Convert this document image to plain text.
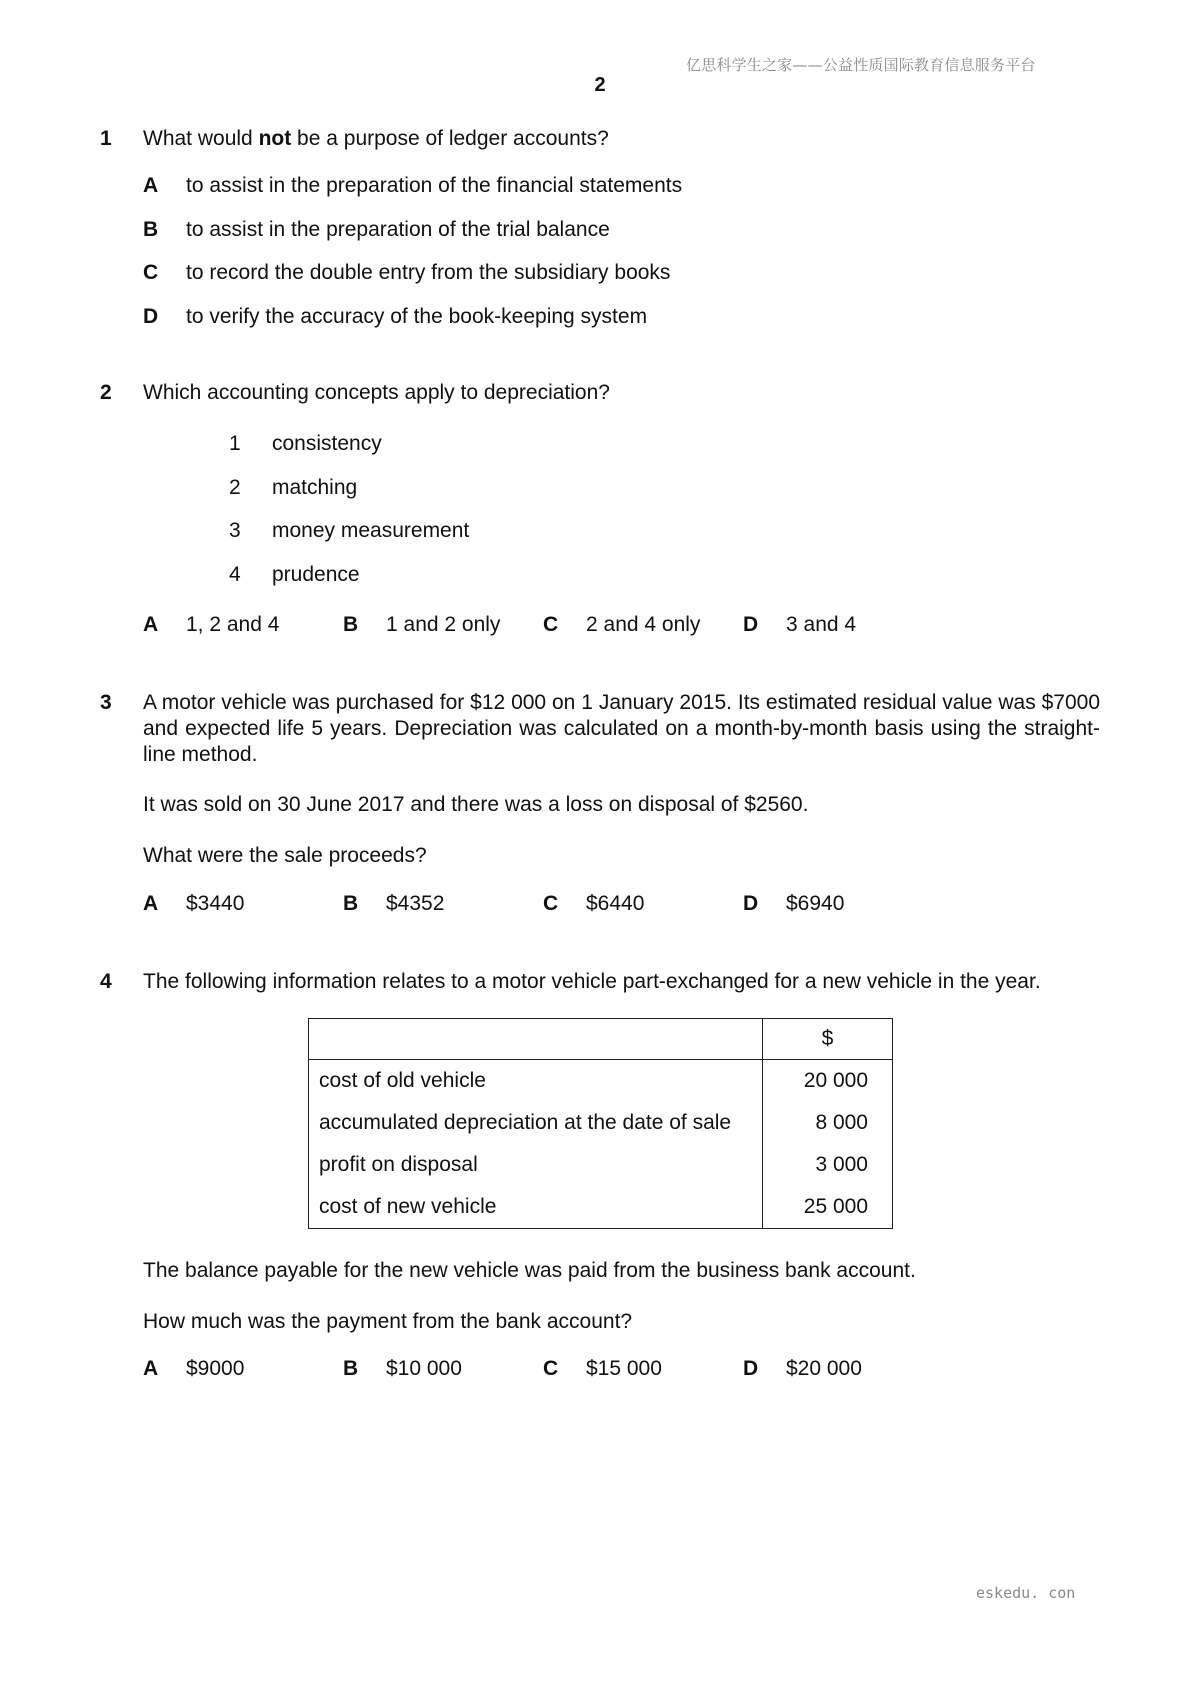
亿思科学生之家——公益性质国际教育信息服务平台
2
1 What would not be a purpose of ledger accounts?
A to assist in the preparation of the financial statements
B to assist in the preparation of the trial balance
C to record the double entry from the subsidiary books
D to verify the accuracy of the book-keeping system
2 Which accounting concepts apply to depreciation?
1 consistency
2 matching
3 money measurement
4 prudence
A 1, 2 and 4	B 1 and 2 only C 2 and 4 only D 3 and 4
3 A motor vehicle was purchased for $12 000 on 1 January 2015. Its estimated residual value was $7000 and expected life 5 years. Depreciation was calculated on a month-by-month basis using the straight-line method.
It was sold on 30 June 2017 and there was a loss on disposal of $2560.
What were the sale proceeds?
A $3440	B $4352	C $6440	D $6940
4 The following information relates to a motor vehicle part-exchanged for a new vehicle in the year.
	$
cost of old vehicle	20 000
accumulated depreciation at the date of sale	8 000
profit on disposal	3 000
cost of new vehicle	25 000
The balance payable for the new vehicle was paid from the business bank account.
How much was the payment from the bank account?
A $9000	B $10 000	C $15 000	D $20 000
eskedu. con
